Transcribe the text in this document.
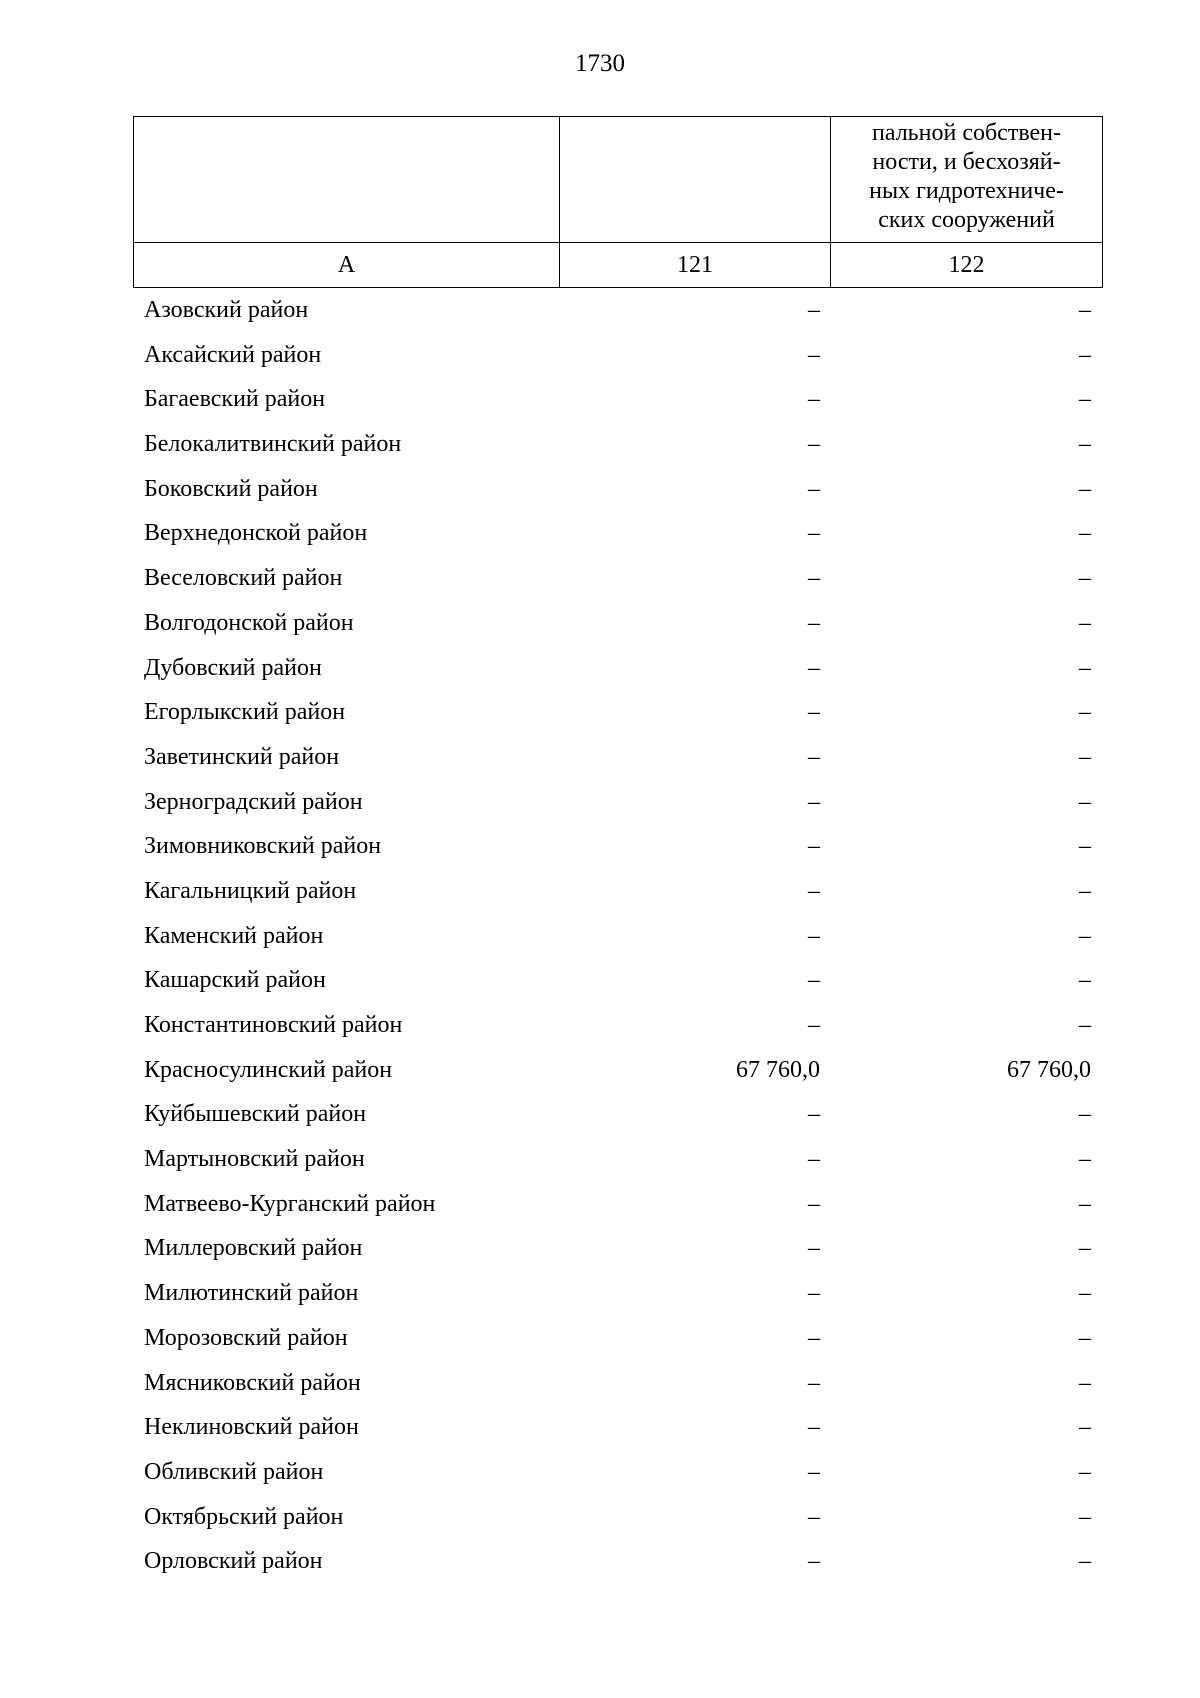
1730
		пальной собствен-
ности, и бесхозяй-
ных гидротехниче-
ских сооружений
А	121	122
Азовский район	–	–
Аксайский район	–	–
Багаевский район	–	–
Белокалитвинский район	–	–
Боковский район	–	–
Верхнедонской район	–	–
Веселовский район	–	–
Волгодонской район	–	–
Дубовский район	–	–
Егорлыкский район	–	–
Заветинский район	–	–
Зерноградский район	–	–
Зимовниковский район	–	–
Кагальницкий район	–	–
Каменский район	–	–
Кашарский район	–	–
Константиновский район	–	–
Красносулинский район	67 760,0	67 760,0
Куйбышевский район	–	–
Мартыновский район	–	–
Матвеево-Курганский район	–	–
Миллеровский район	–	–
Милютинский район	–	–
Морозовский район	–	–
Мясниковский район	–	–
Неклиновский район	–	–
Обливский район	–	–
Октябрьский район	–	–
Орловский район	–	–
